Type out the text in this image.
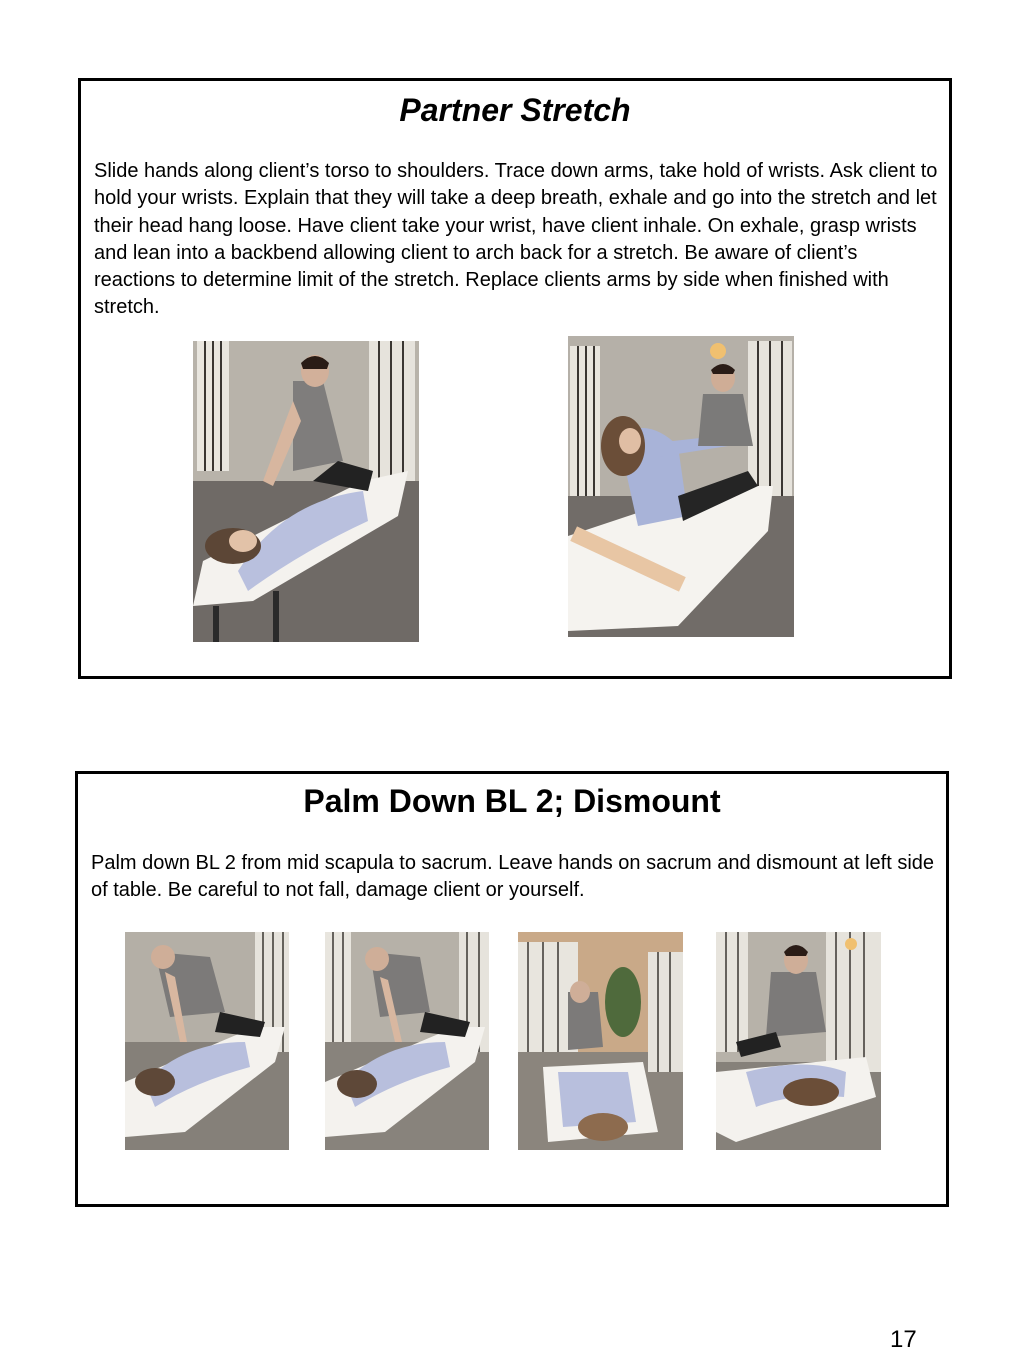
Partner Stretch

Slide hands along client’s torso to shoulders. Trace down arms, take hold of wrists. Ask client to hold your wrists. Explain that they will take a deep breath, exhale and go into the stretch and let their head hang loose. Have client take your wrist, have client inhale. On exhale, grasp wrists and lean into a backbend allowing client to arch back for a stretch. Be aware of client’s reactions to determine limit of the stretch. Replace clients arms by side when finished with stretch.

Palm Down BL 2; Dismount

Palm down BL 2 from mid scapula to sacrum. Leave hands on sacrum and dismount at left side of table. Be careful to not fall, damage client or yourself.

17
